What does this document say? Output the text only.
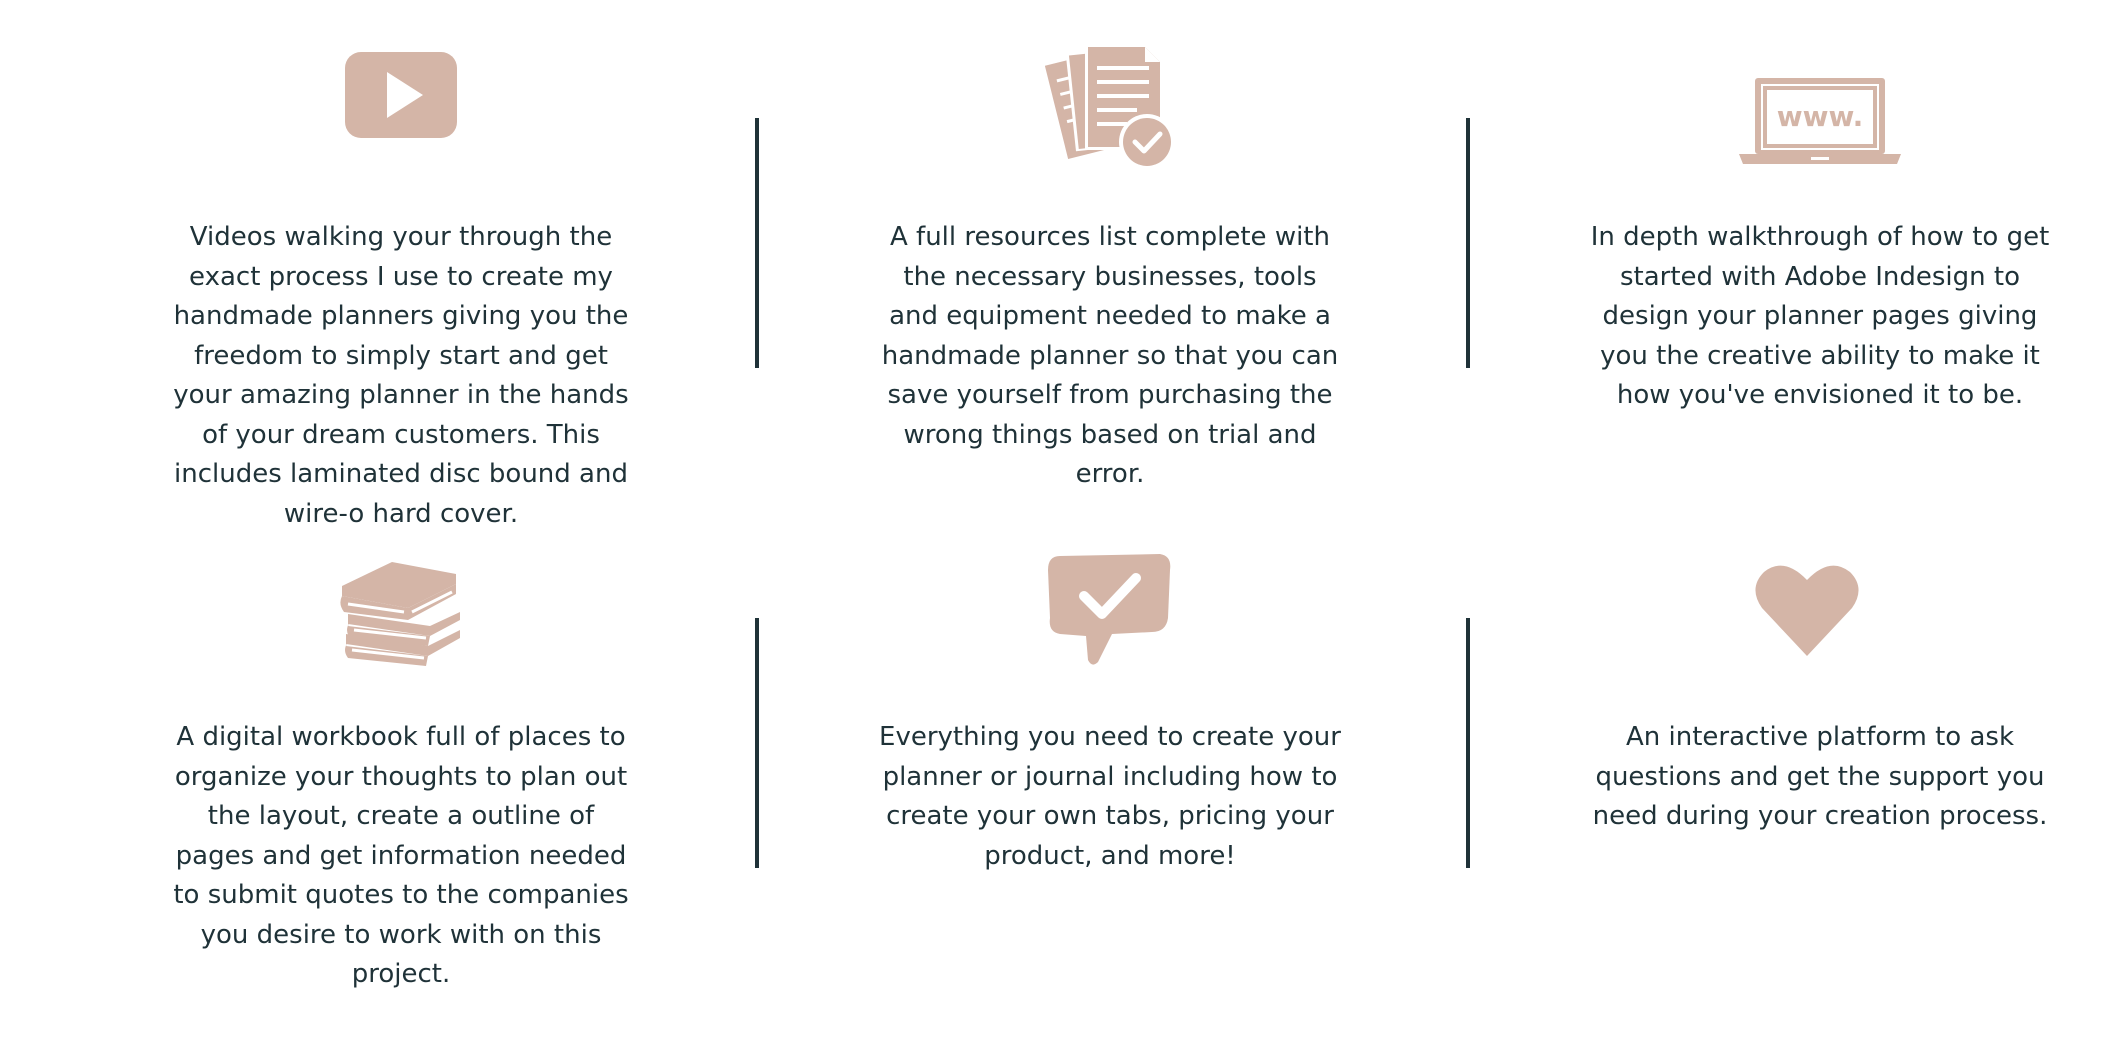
Videos walking your through the exact process I use to create my handmade planners giving you the freedom to simply start and get your amazing planner in the hands of your dream customers. This includes laminated disc bound and wire-o hard cover.

A full resources list complete with the necessary businesses, tools and equipment needed to make a handmade planner so that you can save yourself from purchasing the wrong things based on trial and error.

www.

In depth walkthrough of how to get started with Adobe Indesign to design your planner pages giving you the creative ability to make it how you've envisioned it to be.

A digital workbook full of places to organize your thoughts to plan out the layout, create a outline of pages and get information needed to submit quotes to the companies you desire to work with on this project.

Everything you need to create your planner or journal including how to create your own tabs, pricing your product, and more!

An interactive platform to ask questions and get the support you need during your creation process.
